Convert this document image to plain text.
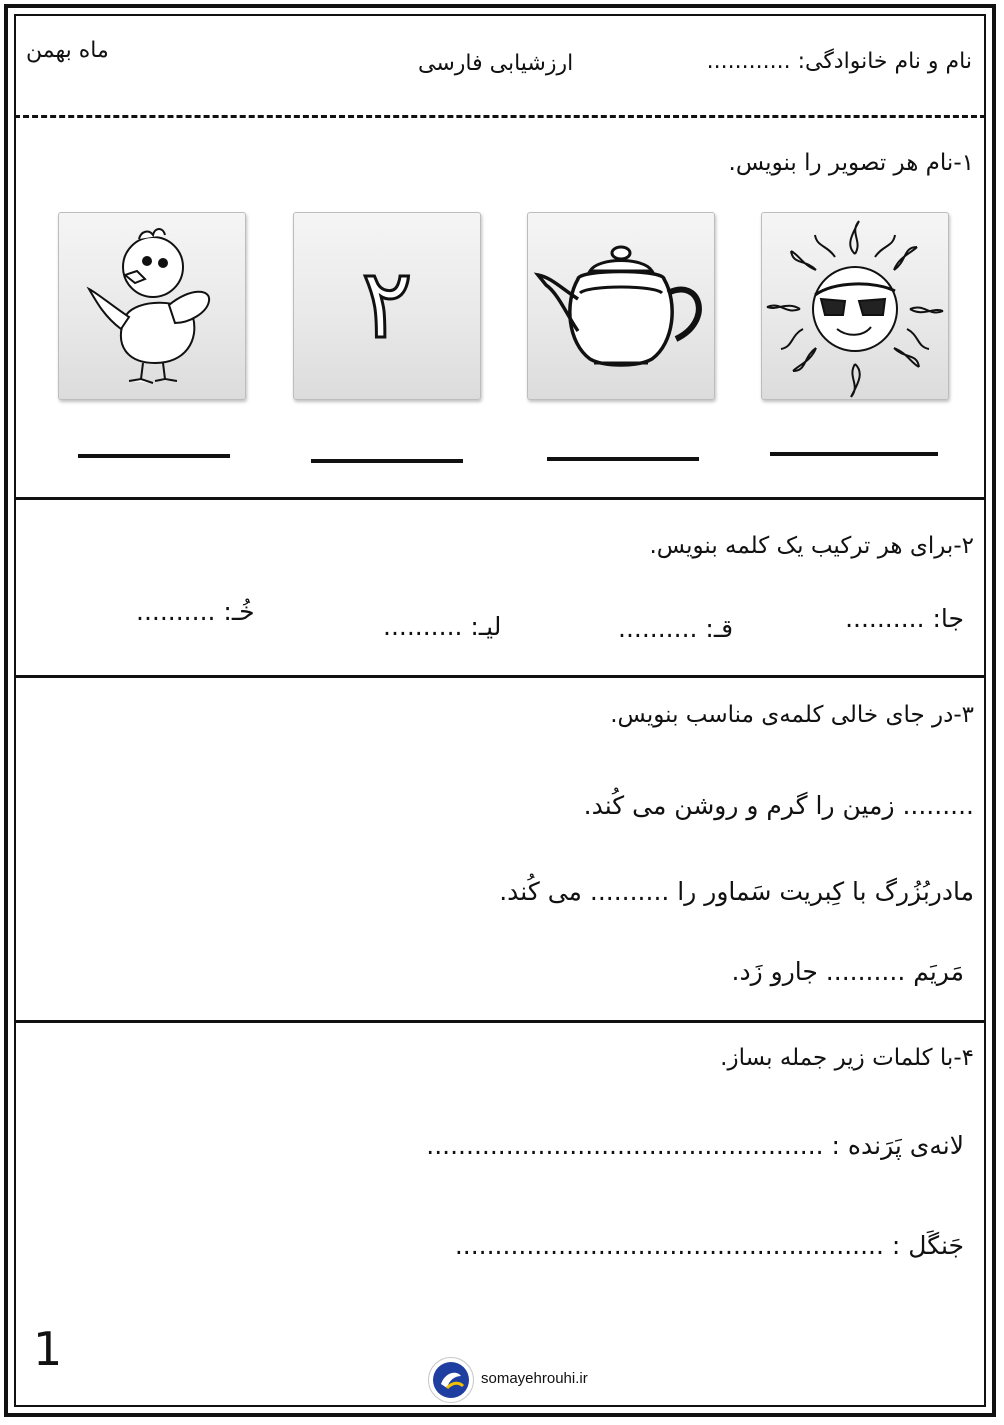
نام و نام خانوادگی: ............
ارزشیابی فارسی
ماه بهمن
۱-نام هر تصویر را بنویس.
۲
۲-برای هر ترکیب یک کلمه بنویس.
جا: ..........
قـ: ..........
لیـ: ..........
خُـ: ..........
۳-در جای خالی کلمه‌ی مناسب بنویس.
......... زمین را گرم و روشن می کُند.
مادربُزُرگ با کِبریت سَماور را .......... می کُند.
مَریَم .......... جارو زَد.
۴-با کلمات زیر جمله بساز.
لانه‌ی پَرَنده : ..................................................
جَنگَل : ......................................................
1
somayehrouhi.ir
